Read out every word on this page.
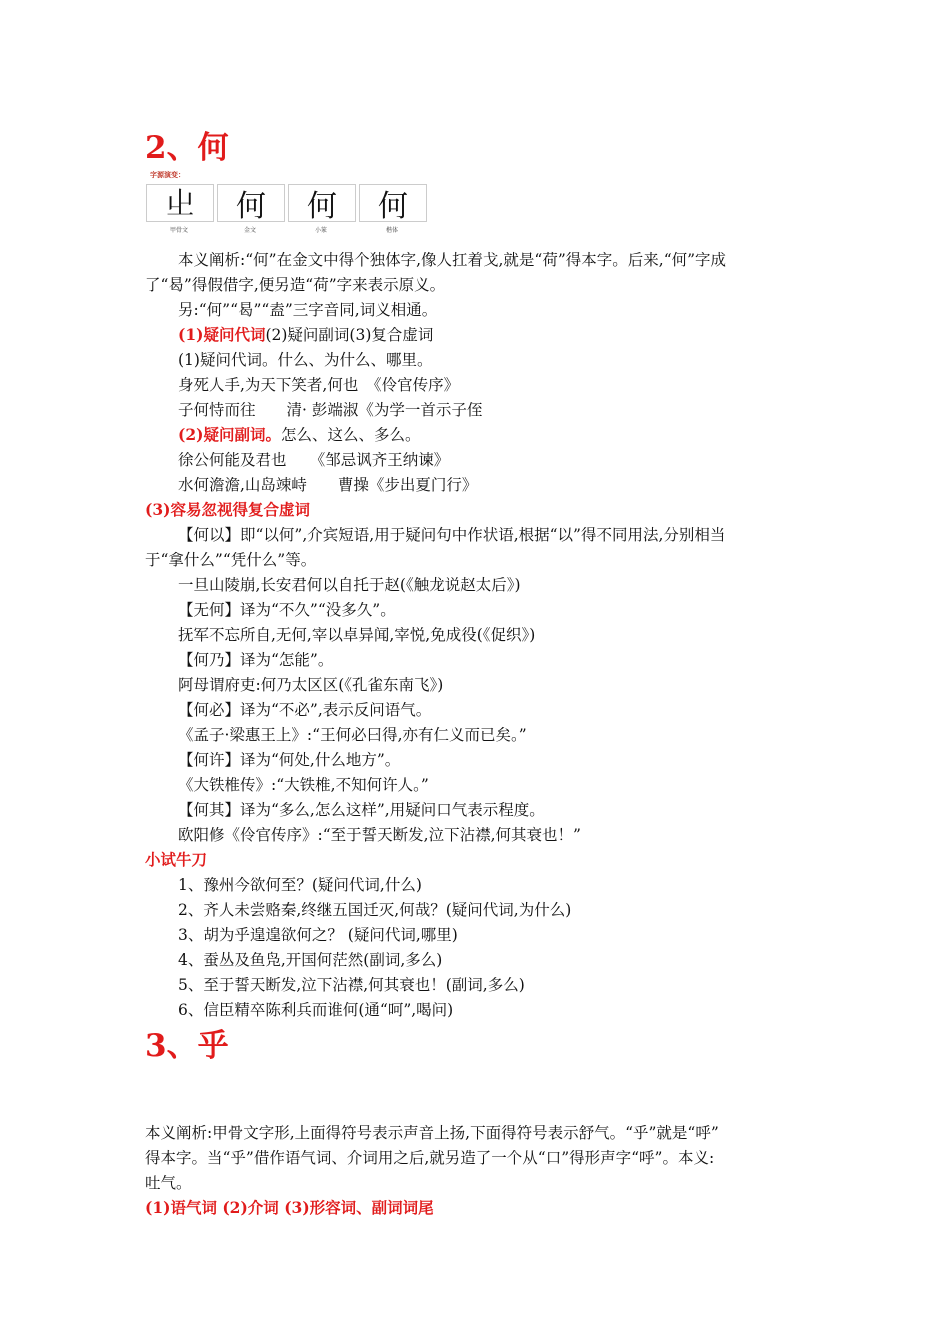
2、何
字源演变：
𡳿 何 何 何
甲骨文	金文	小篆	楷体
本义阐析:“何”在金文中得个独体字,像人扛着戈,就是“荷”得本字。后来,“何”字成
了“曷”得假借字,便另造“荷”字来表示原义。
另:“何”“曷”“盍”三字音同,词义相通。
(1)疑问代词(2)疑问副词(3)复合虚词
(1)疑问代词。什么、为什么、哪里。
身死人手,为天下笑者,何也　《伶官传序》
子何恃而往　　清· 彭端淑《为学一首示子侄
(2)疑问副词。怎么、这么、多么。
徐公何能及君也　　《邹忌讽齐王纳谏》
水何澹澹,山岛竦峙　　曹操《步出夏门行》
(3)容易忽视得复合虚词
【何以】即“以何”,介宾短语,用于疑问句中作状语,根据“以”得不同用法,分别相当
于“拿什么”“凭什么”等。
一旦山陵崩,长安君何以自托于赵(《触龙说赵太后》)
【无何】译为“不久”“没多久”。
抚军不忘所自,无何,宰以卓异闻,宰悦,免成役(《促织》)
【何乃】译为“怎能”。
阿母谓府吏:何乃太区区(《孔雀东南飞》)
【何必】译为“不必”,表示反问语气。
《孟子·梁惠王上》:“王何必曰得,亦有仁义而已矣。”
【何许】译为“何处,什么地方”。
《大铁椎传》:“大铁椎,不知何许人。”
【何其】译为“多么,怎么这样”,用疑问口气表示程度。
欧阳修《伶官传序》:“至于誓天断发,泣下沾襟,何其衰也！”
小试牛刀
1、豫州今欲何至？(疑问代词,什么)
2、齐人未尝赂秦,终继五国迁灭,何哉？(疑问代词,为什么)
3、胡为乎遑遑欲何之？ (疑问代词,哪里)
4、蚕丛及鱼凫,开国何茫然(副词,多么)
5、至于誓天断发,泣下沾襟,何其衰也！(副词,多么)
6、信臣精卒陈利兵而谁何(通“呵”,喝问)
3、乎
本义阐析:甲骨文字形,上面得符号表示声音上扬,下面得符号表示舒气。“乎”就是“呼”
得本字。当“乎”借作语气词、介词用之后,就另造了一个从“口”得形声字“呼”。本义:
吐气。
(1)语气词 (2)介词 (3)形容词、副词词尾
